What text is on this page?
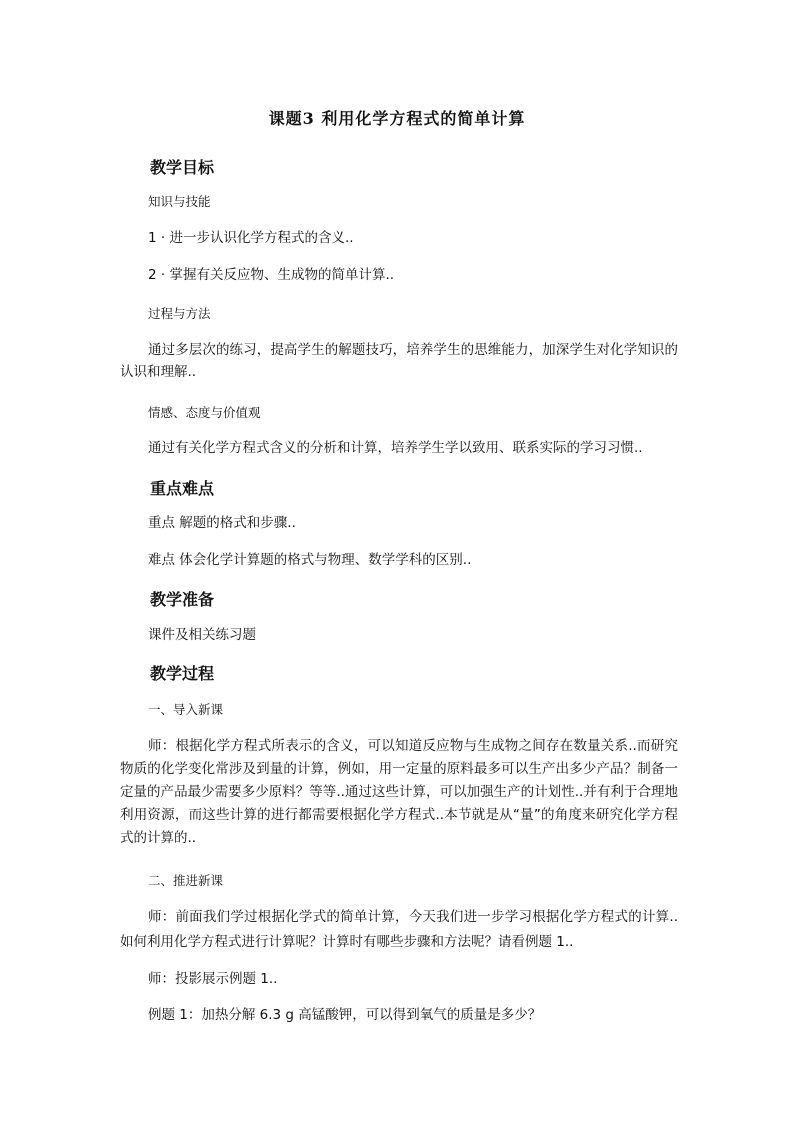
课题3 利用化学方程式的简单计算
教学目标
知识与技能
1 · 进一步认识化学方程式的含义..
2 · 掌握有关反应物、生成物的简单计算..
过程与方法
通过多层次的练习，提高学生的解题技巧，培养学生的思维能力，加深学生对化学知识的认识和理解..
情感、态度与价值观
通过有关化学方程式含义的分析和计算，培养学生学以致用、联系实际的学习习惯..
重点难点
重点 解题的格式和步骤..
难点 体会化学计算题的格式与物理、数学学科的区别..
教学准备
课件及相关练习题
教学过程
一、导入新课
师：根据化学方程式所表示的含义，可以知道反应物与生成物之间存在数量关系..而研究物质的化学变化常涉及到量的计算，例如，用一定量的原料最多可以生产出多少产品？制备一定量的产品最少需要多少原料？等等..通过这些计算，可以加强生产的计划性..并有利于合理地利用资源，而这些计算的进行都需要根据化学方程式..本节就是从“量”的角度来研究化学方程式的计算的..
二、推进新课
师：前面我们学过根据化学式的简单计算，今天我们进一步学习根据化学方程式的计算..如何利用化学方程式进行计算呢？计算时有哪些步骤和方法呢？请看例题 1..
师：投影展示例题 1..
例题 1：加热分解 6.3 g 高锰酸钾，可以得到氧气的质量是多少？
